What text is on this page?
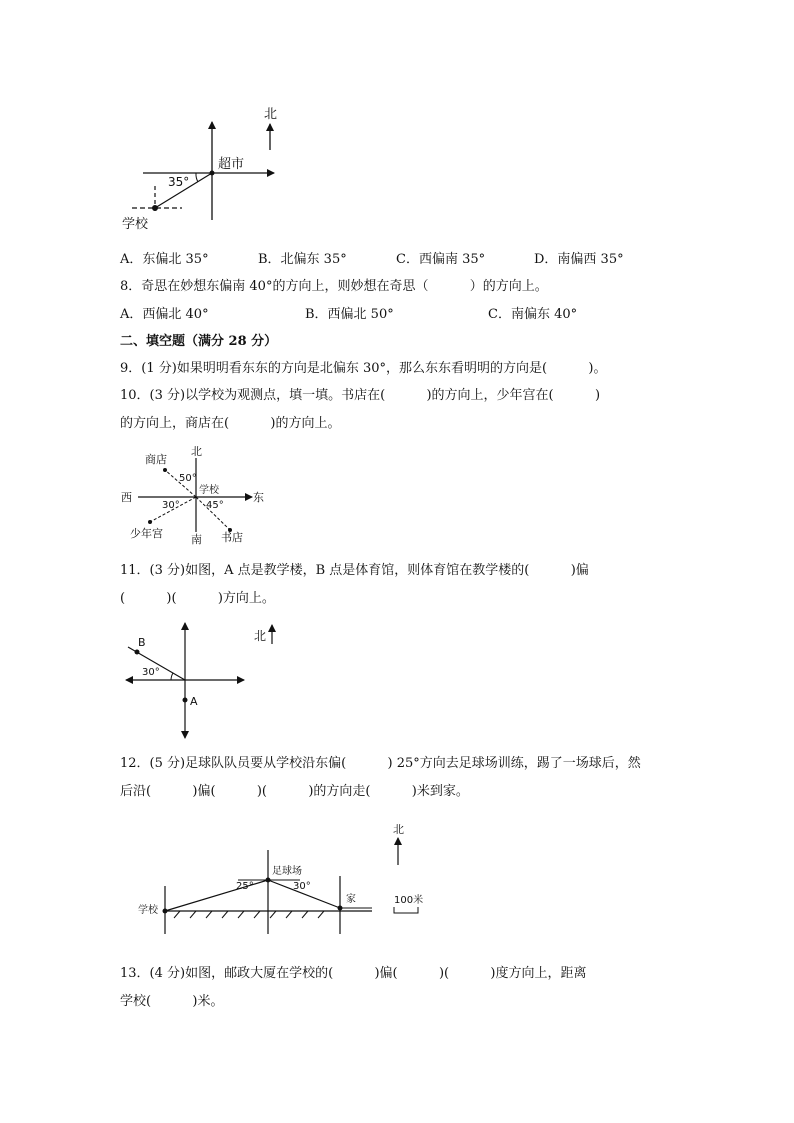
北
超市
35°
学校
A．东偏北 35°	B．北偏东 35°	C．西偏南 35°	D．南偏西 35°
8．奇思在妙想东偏南 40°的方向上，则妙想在奇思（          ）的方向上。
A．西偏北 40°	B．西偏北 50°	C．南偏东 40°
二、填空题（满分 28 分）
9．(1 分)如果明明看东东的方向是北偏东 30°，那么东东看明明的方向是(          )。
10．(3 分)以学校为观测点，填一填。书店在(          )的方向上，少年宫在(          )
的方向上，商店在(          )的方向上。
北
南
西	东
学校
商店
少年宫	书店
50°
30°	45°
11．(3 分)如图，A 点是教学楼，B 点是体育馆，则体育馆在教学楼的(          )偏
(          )(          )方向上。
B
A
30°
北
12．(5 分)足球队队员要从学校沿东偏(          ) 25°方向去足球场训练，踢了一场球后，然
后沿(          )偏(          )(          )的方向走(          )米到家。
学校
足球场
家
25°	30°
北
100米
13．(4 分)如图，邮政大厦在学校的(          )偏(          )(          )度方向上，距离
学校(          )米。
